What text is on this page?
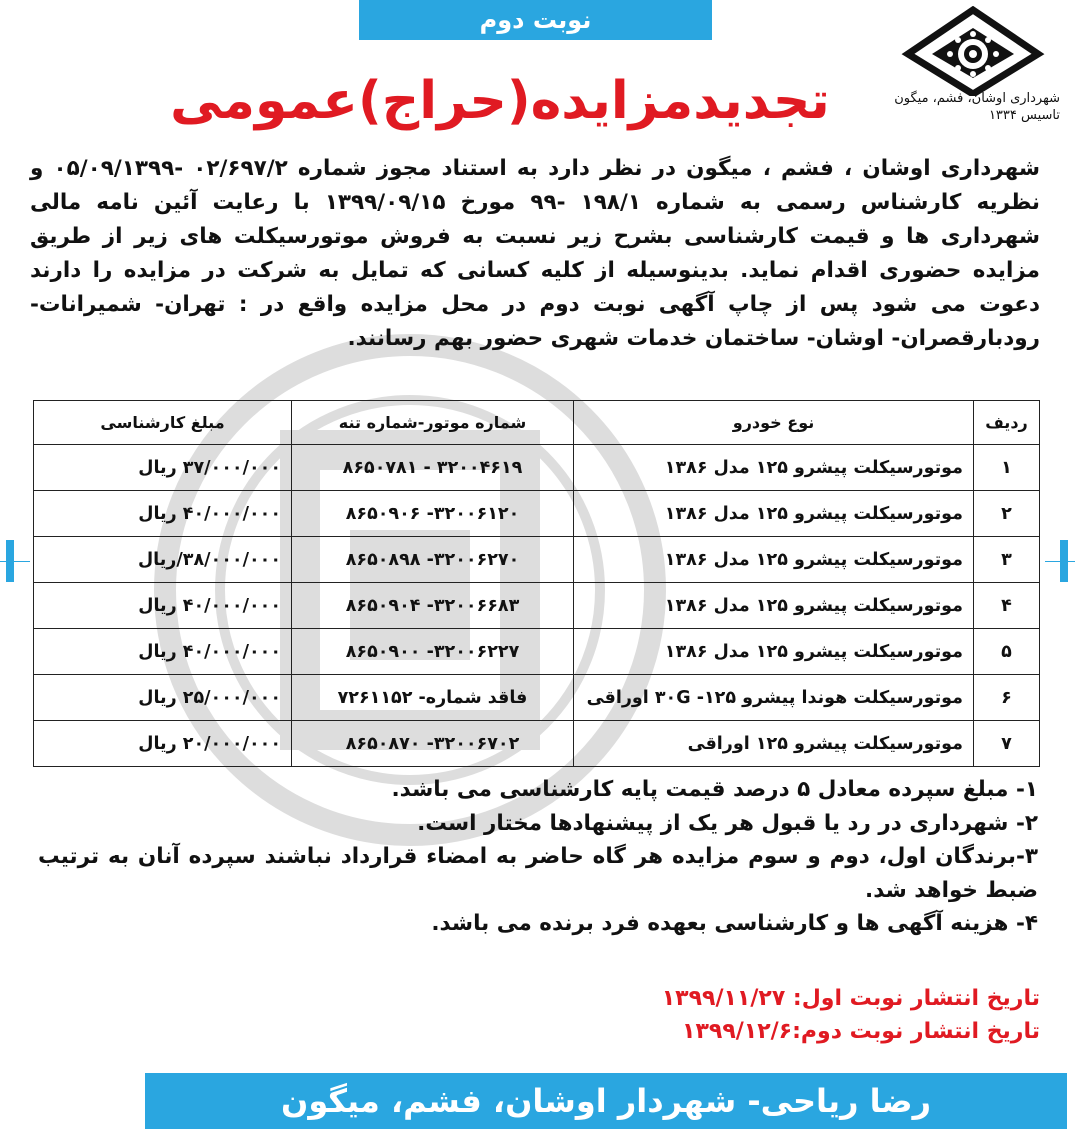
نوبت دوم
شهرداری اوشان، فشم، میگون
تاسیس ۱۳۳۴
تجدیدمزایده(حراج)عمومی
شهرداری اوشان ، فشم ، میگون در نظر دارد به استناد مجوز شماره ۰۲/۶۹۷/۲ -۰۵/۰۹/۱۳۹۹ و نظریه کارشناس رسمی به شماره ۱۹۸/۱ -۹۹ مورخ ۱۳۹۹/۰۹/۱۵ با رعایت آئین نامه مالی شهرداری ها و قیمت کارشناسی بشرح زیر نسبت به فروش موتورسیکلت های زیر از طریق مزایده حضوری اقدام نماید. بدینوسیله از کلیه کسانی که تمایل به شرکت در مزایده را دارند دعوت می شود پس از چاپ آگهی نوبت دوم در محل مزایده واقع در : تهران- شمیرانات- رودبارقصران- اوشان- ساختمان خدمات شهری حضور بهم رسانند.
ردیف	نوع خودرو	شماره موتور-شماره تنه	مبلغ کارشناسی
۱	موتورسیکلت پیشرو ۱۲۵ مدل ۱۳۸۶	۳۲۰۰۴۶۱۹ - ۸۶۵۰۷۸۱	۳۷/۰۰۰/۰۰۰ ریال
۲	موتورسیکلت پیشرو ۱۲۵ مدل ۱۳۸۶	۳۲۰۰۶۱۲۰- ۸۶۵۰۹۰۶	۴۰/۰۰۰/۰۰۰ ریال
۳	موتورسیکلت پیشرو ۱۲۵ مدل ۱۳۸۶	۳۲۰۰۶۲۷۰- ۸۶۵۰۸۹۸	۳۸/۰۰۰/۰۰۰/ریال
۴	موتورسیکلت پیشرو ۱۲۵ مدل ۱۳۸۶	۳۲۰۰۶۶۸۳- ۸۶۵۰۹۰۴	۴۰/۰۰۰/۰۰۰ ریال
۵	موتورسیکلت پیشرو ۱۲۵ مدل ۱۳۸۶	۳۲۰۰۶۲۲۷- ۸۶۵۰۹۰۰	۴۰/۰۰۰/۰۰۰ ریال
۶	موتورسیکلت هوندا پیشرو ۱۲۵- ۳۰G اوراقی	فاقد شماره- ۷۲۶۱۱۵۲	۲۵/۰۰۰/۰۰۰ ریال
۷	موتورسیکلت پیشرو ۱۲۵ اوراقی	۳۲۰۰۶۷۰۲- ۸۶۵۰۸۷۰	۲۰/۰۰۰/۰۰۰ ریال

۱- مبلغ سپرده معادل ۵ درصد قیمت پایه کارشناسی می باشد.

۲- شهرداری در رد یا قبول هر یک از پیشنهادها مختار است.

۳-برندگان اول، دوم و سوم مزایده هر گاه حاضر به امضاء قرارداد نباشند سپرده آنان به ترتیب ضبط خواهد شد.

۴- هزینه آگهی ها و کارشناسی بعهده فرد برنده می باشد.

تاریخ انتشار نوبت اول: ۱۳۹۹/۱۱/۲۷
تاریخ انتشار نوبت دوم:۱۳۹۹/۱۲/۶
رضا ریاحی- شهردار اوشان، فشم، میگون
